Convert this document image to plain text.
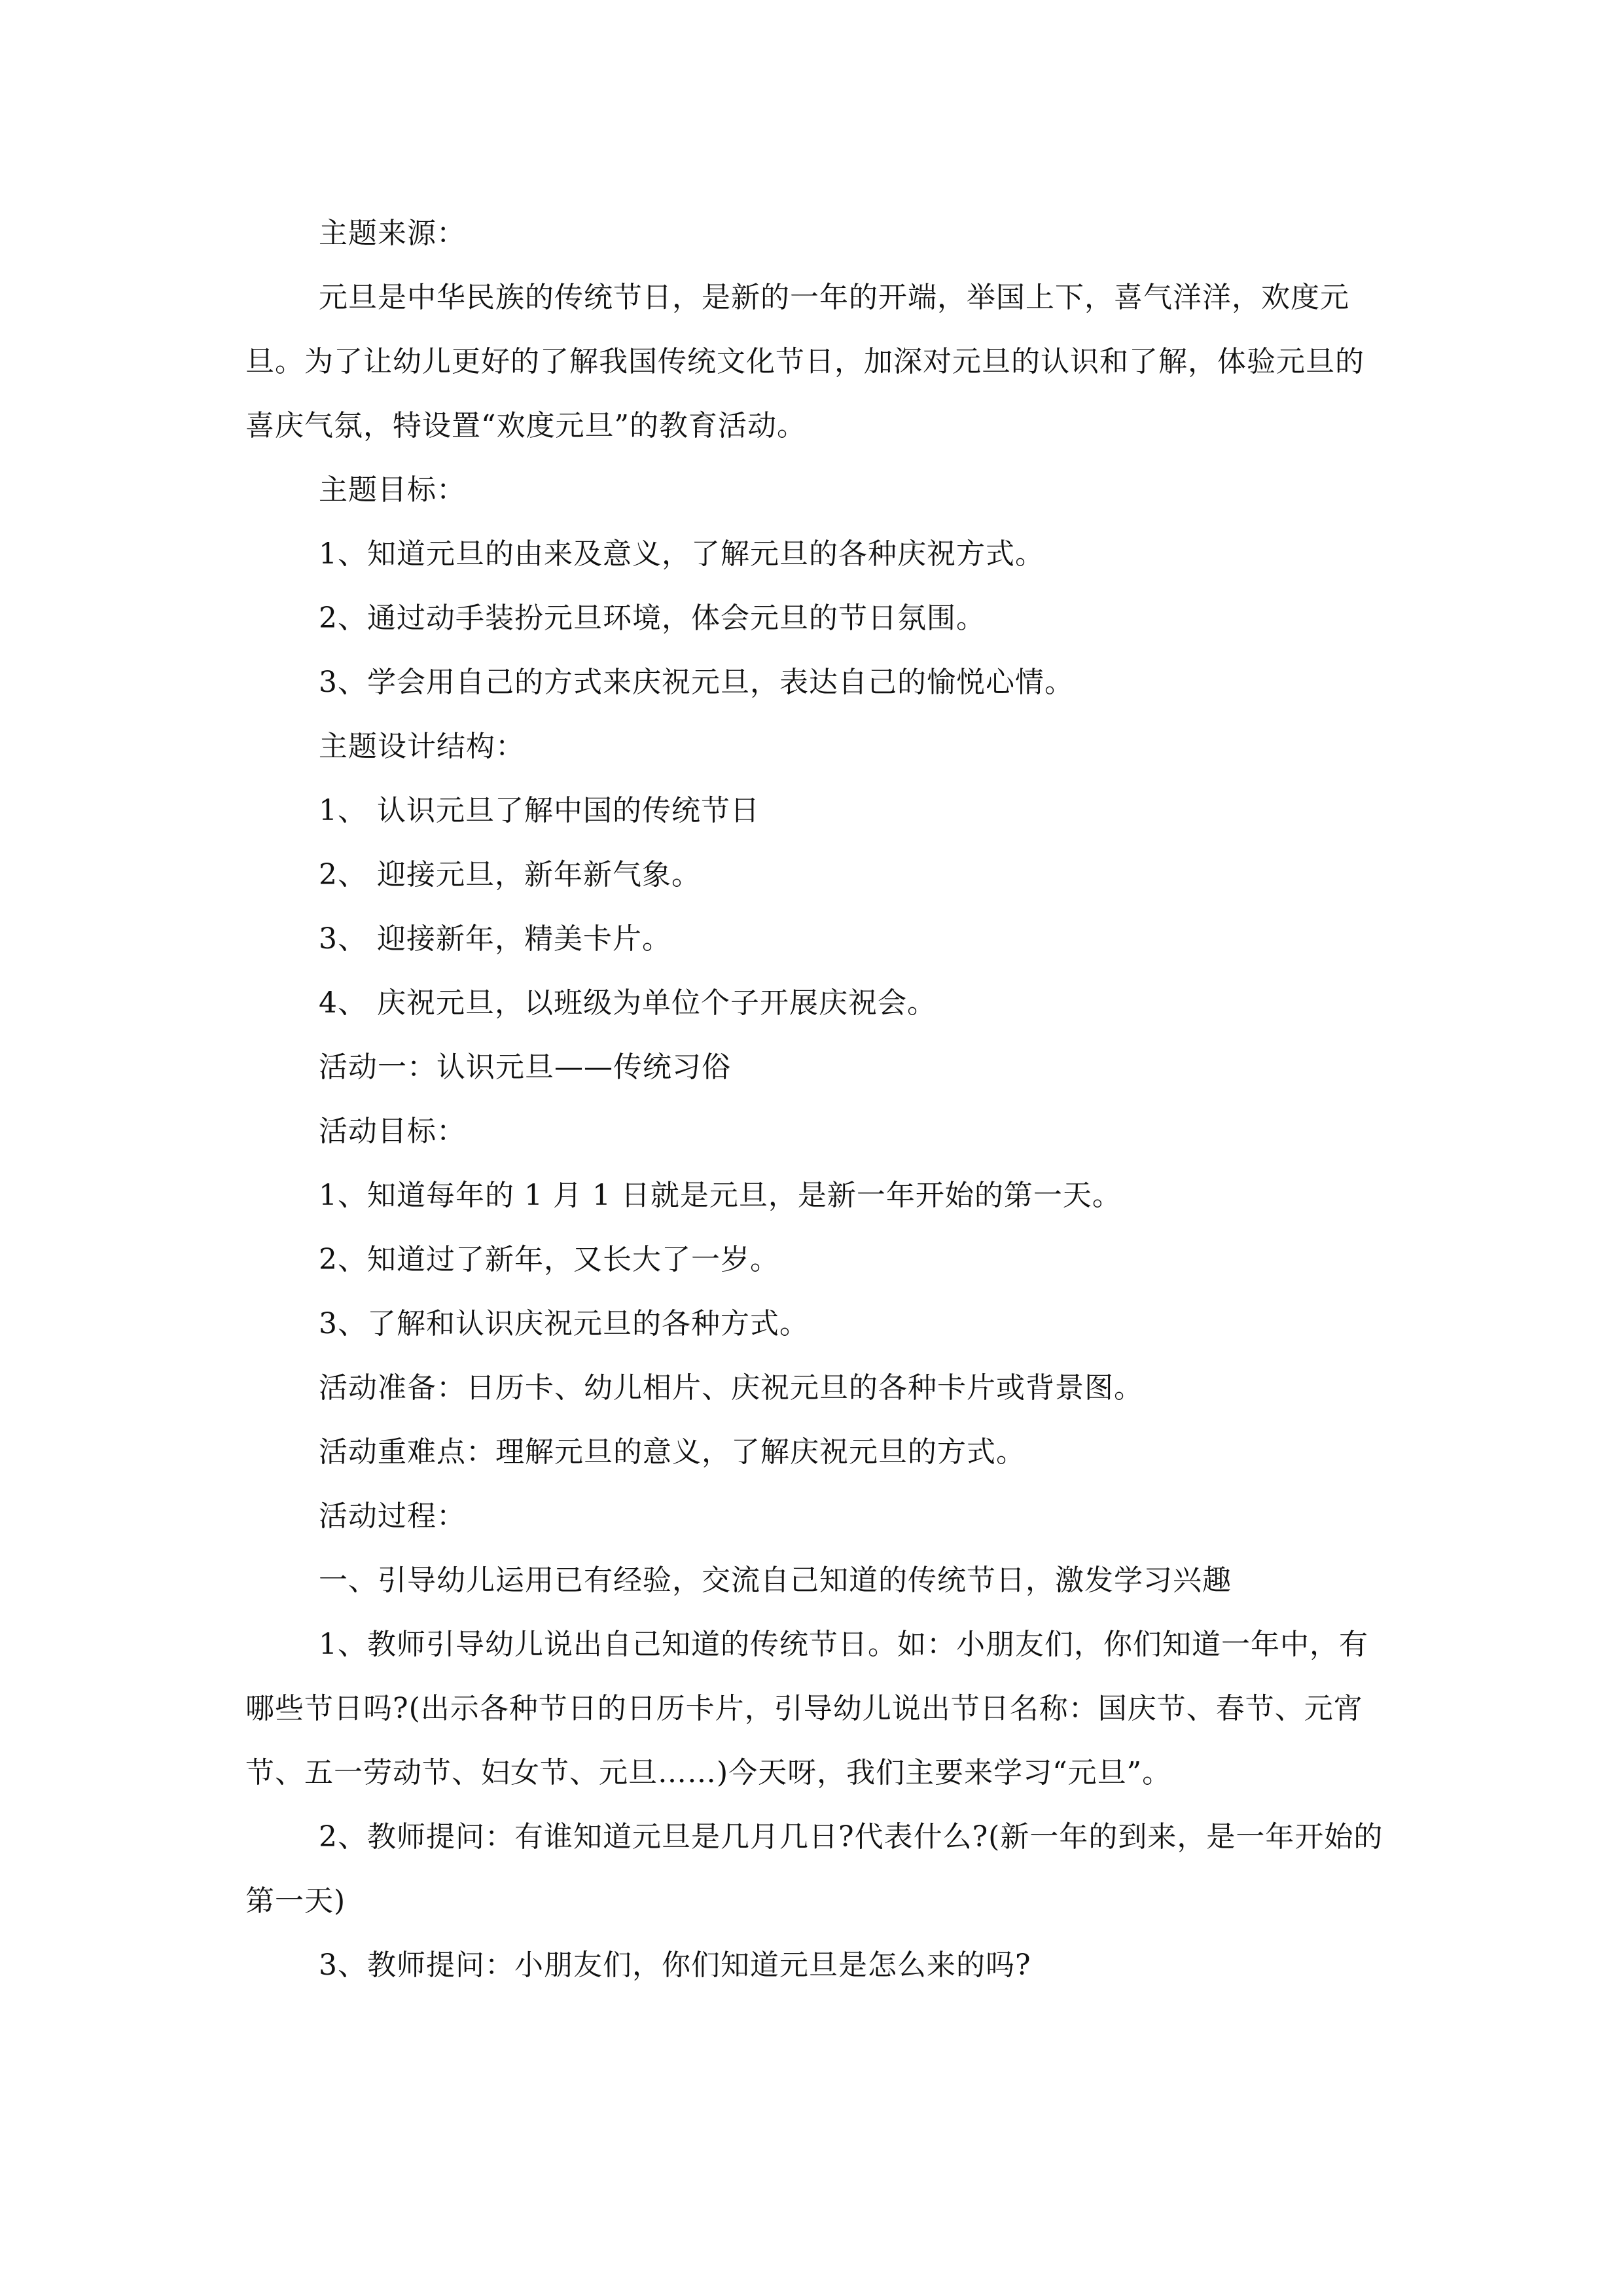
主题来源：

元旦是中华民族的传统节日，是新的一年的开端，举国上下，喜气洋洋，欢度元旦。为了让幼儿更好的了解我国传统文化节日，加深对元旦的认识和了解，体验元旦的喜庆气氛，特设置“欢度元旦”的教育活动。

主题目标：

1、知道元旦的由来及意义，了解元旦的各种庆祝方式。

2、通过动手装扮元旦环境，体会元旦的节日氛围。

3、学会用自己的方式来庆祝元旦，表达自己的愉悦心情。

主题设计结构：

1、 认识元旦了解中国的传统节日

2、 迎接元旦，新年新气象。

3、 迎接新年，精美卡片。

4、 庆祝元旦，以班级为单位个子开展庆祝会。

活动一：认识元旦——传统习俗

活动目标：

1、知道每年的 1 月 1 日就是元旦，是新一年开始的第一天。

2、知道过了新年，又长大了一岁。

3、了解和认识庆祝元旦的各种方式。

活动准备：日历卡、幼儿相片、庆祝元旦的各种卡片或背景图。

活动重难点：理解元旦的意义，了解庆祝元旦的方式。

活动过程：

一、引导幼儿运用已有经验，交流自己知道的传统节日，激发学习兴趣

1、教师引导幼儿说出自己知道的传统节日。如：小朋友们，你们知道一年中，有哪些节日吗?(出示各种节日的日历卡片，引导幼儿说出节日名称：国庆节、春节、元宵节、五一劳动节、妇女节、元旦……)今天呀，我们主要来学习“元旦”。

2、教师提问：有谁知道元旦是几月几日?代表什么?(新一年的到来，是一年开始的第一天)

3、教师提问：小朋友们，你们知道元旦是怎么来的吗?
